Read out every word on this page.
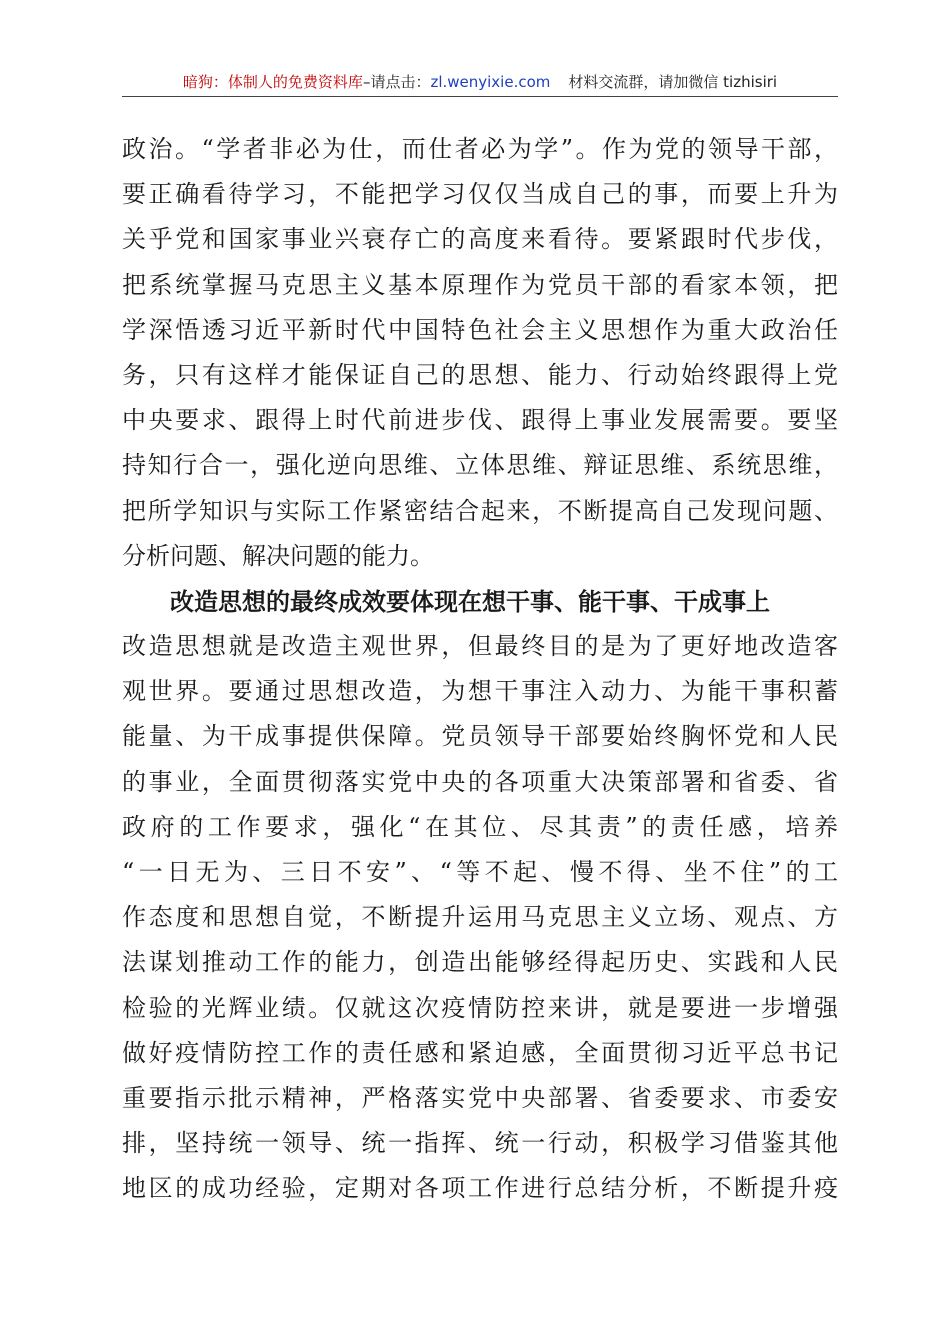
暗狗：体制人的免费资料库–请点击：zl.wenyixie.com 材料交流群，请加微信 tizhisiri
政治。“学者非必为仕，而仕者必为学”。作为党的领导干部，
要正确看待学习，不能把学习仅仅当成自己的事，而要上升为
关乎党和国家事业兴衰存亡的高度来看待。要紧跟时代步伐，
把系统掌握马克思主义基本原理作为党员干部的看家本领，把
学深悟透习近平新时代中国特色社会主义思想作为重大政治任
务，只有这样才能保证自己的思想、能力、行动始终跟得上党
中央要求、跟得上时代前进步伐、跟得上事业发展需要。要坚
持知行合一，强化逆向思维、立体思维、辩证思维、系统思维，
把所学知识与实际工作紧密结合起来，不断提高自己发现问题、
分析问题、解决问题的能力。
改造思想的最终成效要体现在想干事、能干事、干成事上
改造思想就是改造主观世界，但最终目的是为了更好地改造客
观世界。要通过思想改造，为想干事注入动力、为能干事积蓄
能量、为干成事提供保障。党员领导干部要始终胸怀党和人民
的事业，全面贯彻落实党中央的各项重大决策部署和省委、省
政府的工作要求，强化“在其位、尽其责”的责任感，培养
“一日无为、三日不安”、“等不起、慢不得、坐不住”的工
作态度和思想自觉，不断提升运用马克思主义立场、观点、方
法谋划推动工作的能力，创造出能够经得起历史、实践和人民
检验的光辉业绩。仅就这次疫情防控来讲，就是要进一步增强
做好疫情防控工作的责任感和紧迫感，全面贯彻习近平总书记
重要指示批示精神，严格落实党中央部署、省委要求、市委安
排，坚持统一领导、统一指挥、统一行动，积极学习借鉴其他
地区的成功经验，定期对各项工作进行总结分析，不断提升疫
